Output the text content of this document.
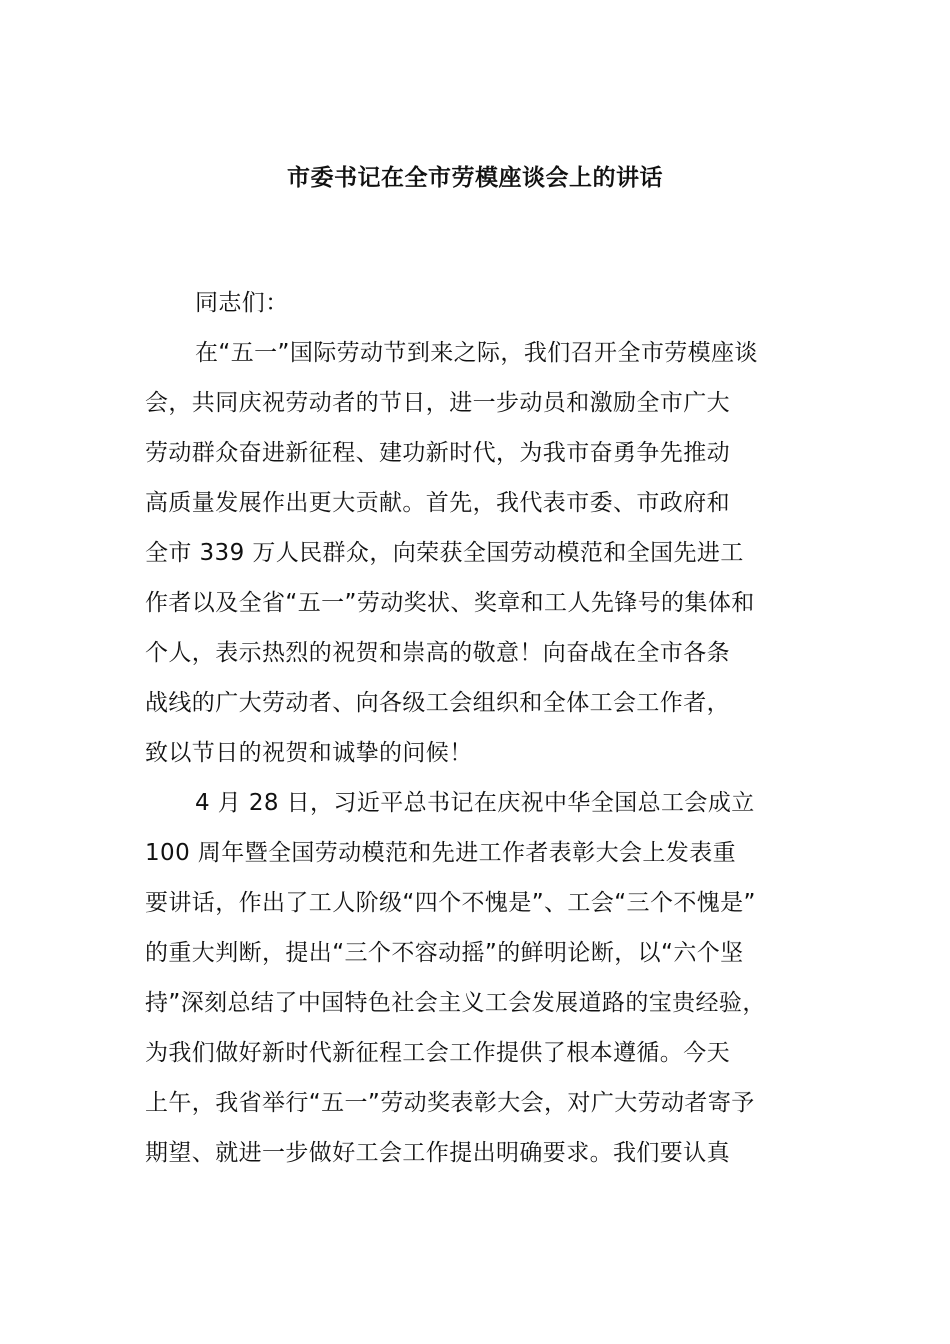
市委书记在全市劳模座谈会上的讲话
同志们：
在“五一”国际劳动节到来之际，我们召开全市劳模座谈
会，共同庆祝劳动者的节日，进一步动员和激励全市广大
劳动群众奋进新征程、建功新时代，为我市奋勇争先推动
高质量发展作出更大贡献。首先，我代表市委、市政府和
全市 339 万人民群众，向荣获全国劳动模范和全国先进工
作者以及全省“五一”劳动奖状、奖章和工人先锋号的集体和
个人，表示热烈的祝贺和崇高的敬意！向奋战在全市各条
战线的广大劳动者、向各级工会组织和全体工会工作者，
致以节日的祝贺和诚挚的问候！
4 月 28 日，习近平总书记在庆祝中华全国总工会成立
100 周年暨全国劳动模范和先进工作者表彰大会上发表重
要讲话，作出了工人阶级“四个不愧是”、工会“三个不愧是”
的重大判断，提出“三个不容动摇”的鲜明论断，以“六个坚
持”深刻总结了中国特色社会主义工会发展道路的宝贵经验，
为我们做好新时代新征程工会工作提供了根本遵循。今天
上午，我省举行“五一”劳动奖表彰大会，对广大劳动者寄予
期望、就进一步做好工会工作提出明确要求。我们要认真
